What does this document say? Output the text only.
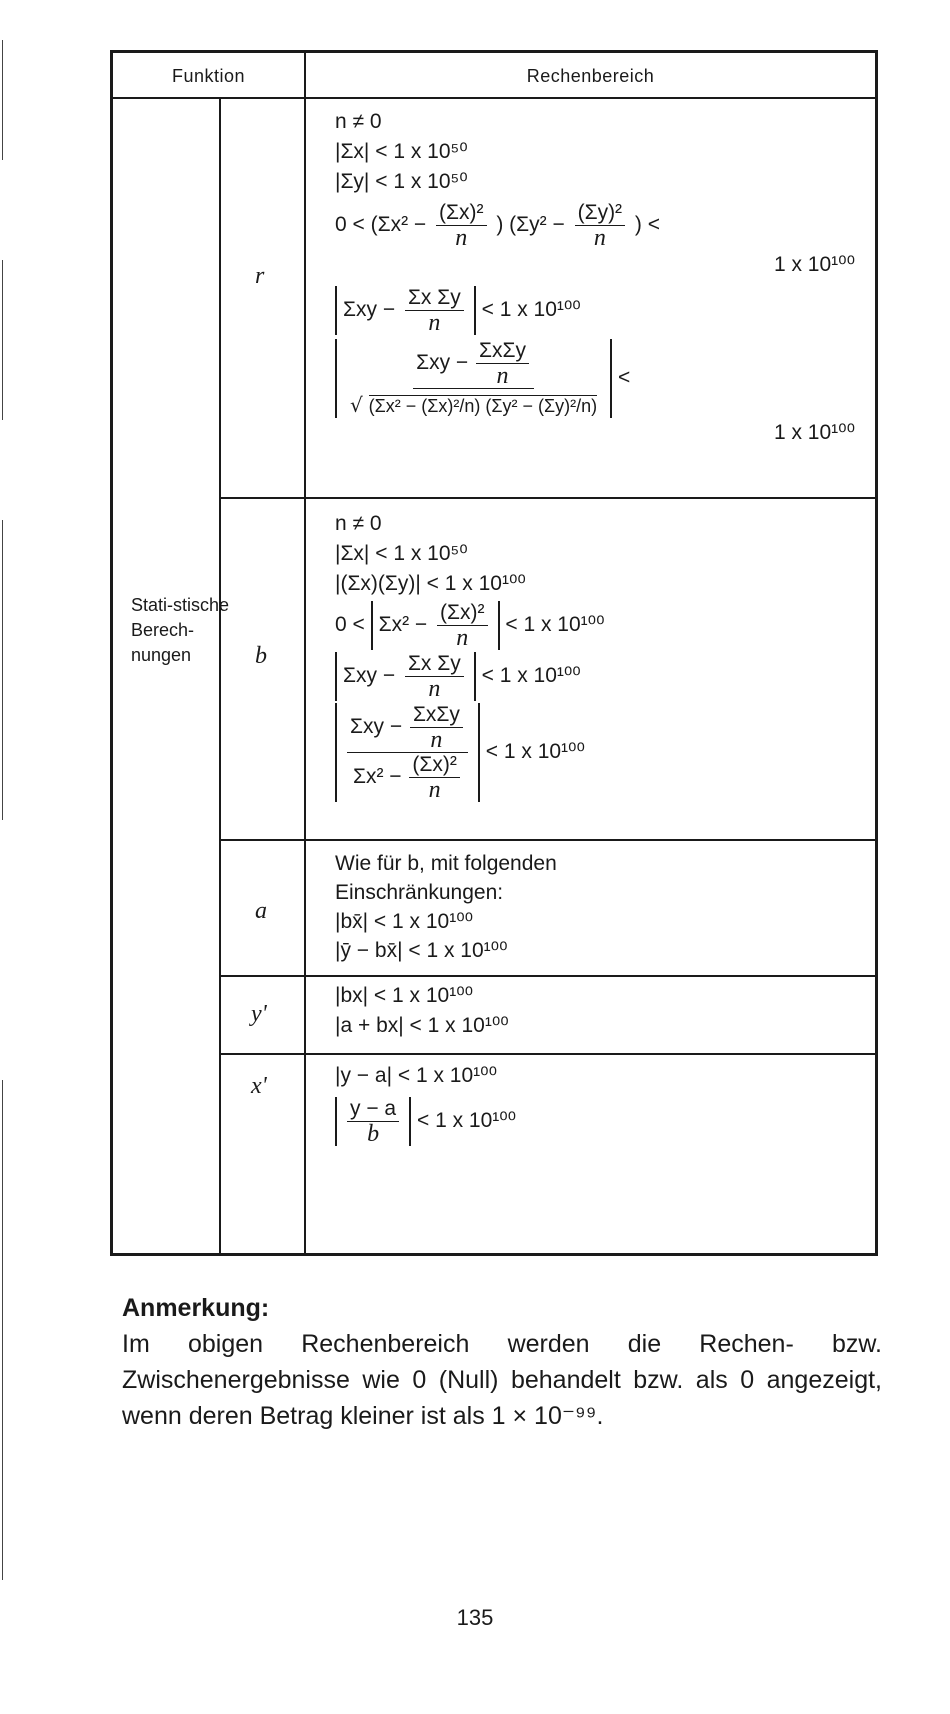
Funktion	Rechenbereich
Stati-stische Berech-nungen
r
b
a
y'
x'
n ≠ 0
|Σx| < 1 x 10⁵⁰
|Σy| < 1 x 10⁵⁰
$0 < (\Sigma x^2 - \frac{\text{(Σx)²}}{n}$ ) ($\Sigma y^2 - \frac{\text{(Σy)²}}{n}$ ) <
1 x 10¹⁰⁰
$\Sigma xy - \frac{\text{Σx Σy}}{n} < 1$ x 10¹⁰⁰
$\frac{\Sigma xy - \frac{\text{ΣxΣy}}{n}}{\text{√ (Σx² − (Σx)²/n) (Σy² − (Σy)²/n)}}$ <
1 x 10¹⁰⁰
n ≠ 0
|Σx| < 1 x 10⁵⁰
|(Σx)(Σy)| < 1 x 10¹⁰⁰
$0 < \Sigma x^2 - \frac{\text{(Σx)²}}{n} < 1$ x 10¹⁰⁰
$\Sigma xy - \frac{\text{Σx Σy}}{n} < 1$ x 10¹⁰⁰
$\frac{\Sigma xy - \frac{\text{ΣxΣy}}{n}}{\Sigma x^2 - \frac{\text{(Σx)²}}{n}} < 1$ x 10¹⁰⁰
Wie für b, mit folgenden
Einschränkungen:
|bx̄| < 1 x 10¹⁰⁰
|ȳ − bx̄| < 1 x 10¹⁰⁰
|bx| < 1 x 10¹⁰⁰
|a + bx| < 1 x 10¹⁰⁰
|y − a| < 1 x 10¹⁰⁰
$\frac{y - a}{b} < 1$ x 10¹⁰⁰
Anmerkung:
Im obigen Rechenbereich werden die Rechen- bzw. Zwischenergebnisse wie 0 (Null) behandelt bzw. als 0 angezeigt, wenn deren Betrag kleiner ist als 1 × 10⁻⁹⁹.
135
